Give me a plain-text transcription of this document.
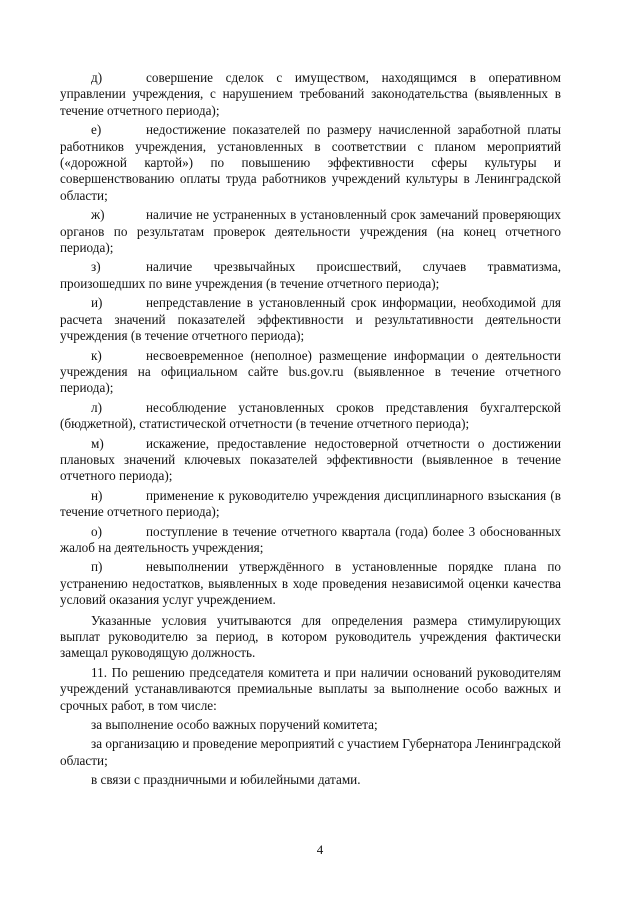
д)	совершение сделок с имуществом, находящимся в оперативном управлении учреждения, с нарушением требований законодательства (выявленных в течение отчетного периода);

е)	недостижение показателей по размеру начисленной заработной платы работников учреждения, установленных в соответствии с планом мероприятий («дорожной картой») по повышению эффективности сферы культуры и совершенствованию оплаты труда работников учреждений культуры в Ленинградской области;

ж)	наличие не устраненных в установленный срок замечаний проверяющих органов по результатам проверок деятельности учреждения (на конец отчетного периода);

з)	наличие чрезвычайных происшествий, случаев травматизма, произошедших по вине учреждения (в течение отчетного периода);

и)	непредставление в установленный срок информации, необходимой для расчета значений показателей эффективности и результативности деятельности учреждения (в течение отчетного периода);

к)	несвоевременное (неполное) размещение информации о деятельности учреждения на официальном сайте bus.gov.ru (выявленное в течение отчетного периода);

л)	несоблюдение установленных сроков представления бухгалтерской (бюджетной), статистической отчетности (в течение отчетного периода);

м)	искажение, предоставление недостоверной отчетности о достижении плановых значений ключевых показателей эффективности (выявленное в течение отчетного периода);

н)	применение к руководителю учреждения дисциплинарного взыскания (в течение отчетного периода);

о)	поступление в течение отчетного квартала (года) более 3 обоснованных жалоб на деятельность учреждения;

п)	невыполнении утверждённого в установленные порядке плана по устранению недостатков, выявленных в ходе проведения независимой оценки качества условий оказания услуг учреждением.

Указанные условия учитываются для определения размера стимулирующих выплат руководителю за период, в котором руководитель учреждения фактически замещал руководящую должность.

11. По решению председателя комитета и при наличии оснований руководителям учреждений устанавливаются премиальные выплаты за выполнение особо важных и срочных работ, в том числе:

за выполнение особо важных поручений комитета;

за организацию и проведение мероприятий с участием Губернатора Ленинградской области;

в связи с праздничными и юбилейными датами.

4
